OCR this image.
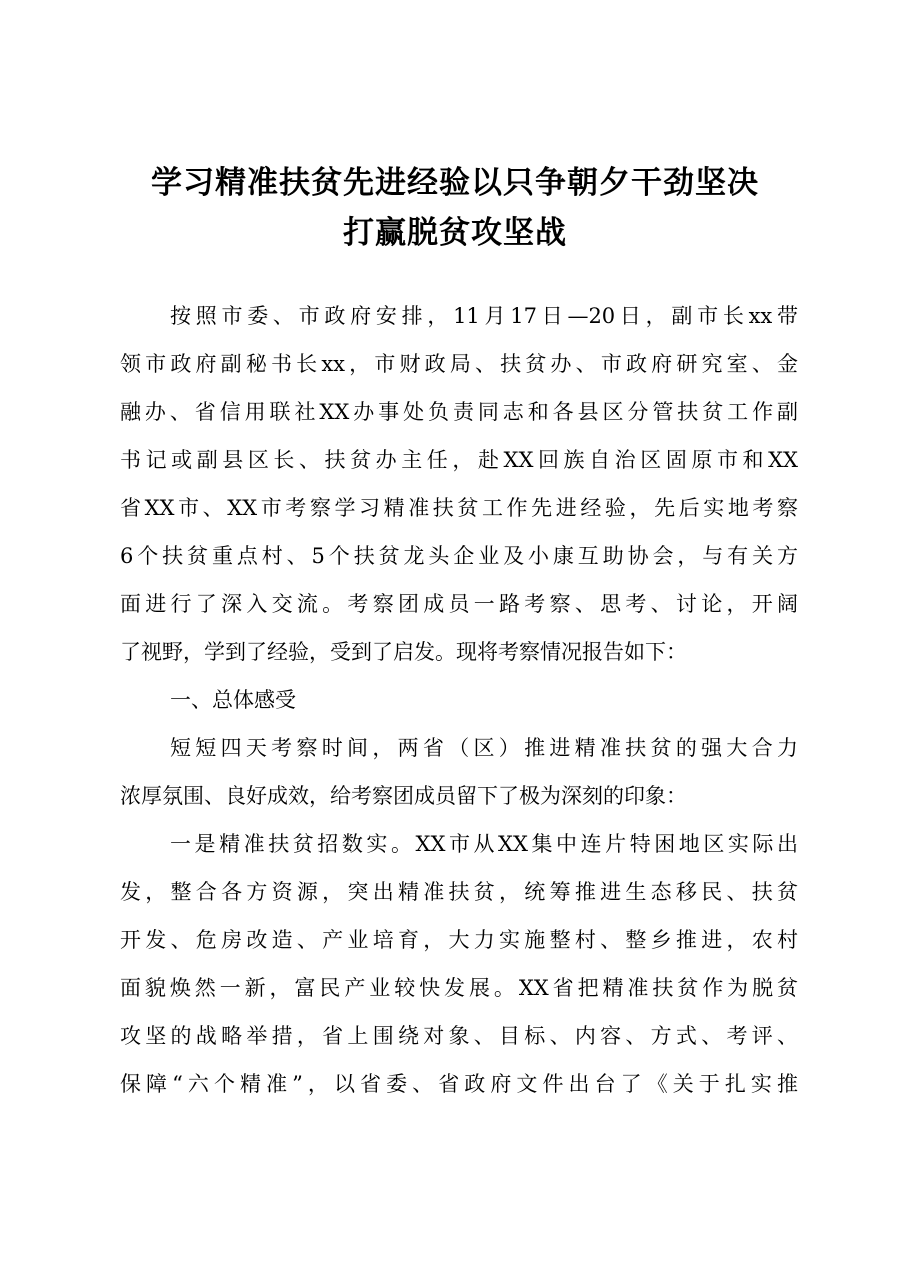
学习精准扶贫先进经验以只争朝夕干劲坚决
打赢脱贫攻坚战

按照市委、市政府安排，11月17日—20日，副市长xx带

领市政府副秘书长xx，市财政局、扶贫办、市政府研究室、金

融办、省信用联社XX办事处负责同志和各县区分管扶贫工作副

书记或副县区长、扶贫办主任，赴XX回族自治区固原市和XX

省XX市、XX市考察学习精准扶贫工作先进经验，先后实地考察

6个扶贫重点村、5个扶贫龙头企业及小康互助协会，与有关方

面进行了深入交流。考察团成员一路考察、思考、讨论，开阔

了视野，学到了经验，受到了启发。现将考察情况报告如下：

一、总体感受

短短四天考察时间，两省（区）推进精准扶贫的强大合力

浓厚氛围、良好成效，给考察团成员留下了极为深刻的印象：

一是精准扶贫招数实。XX市从XX集中连片特困地区实际出

发，整合各方资源，突出精准扶贫，统筹推进生态移民、扶贫

开发、危房改造、产业培育，大力实施整村、整乡推进，农村

面貌焕然一新，富民产业较快发展。XX省把精准扶贫作为脱贫

攻坚的战略举措，省上围绕对象、目标、内容、方式、考评、

保障“六个精准”，以省委、省政府文件出台了《关于扎实推
